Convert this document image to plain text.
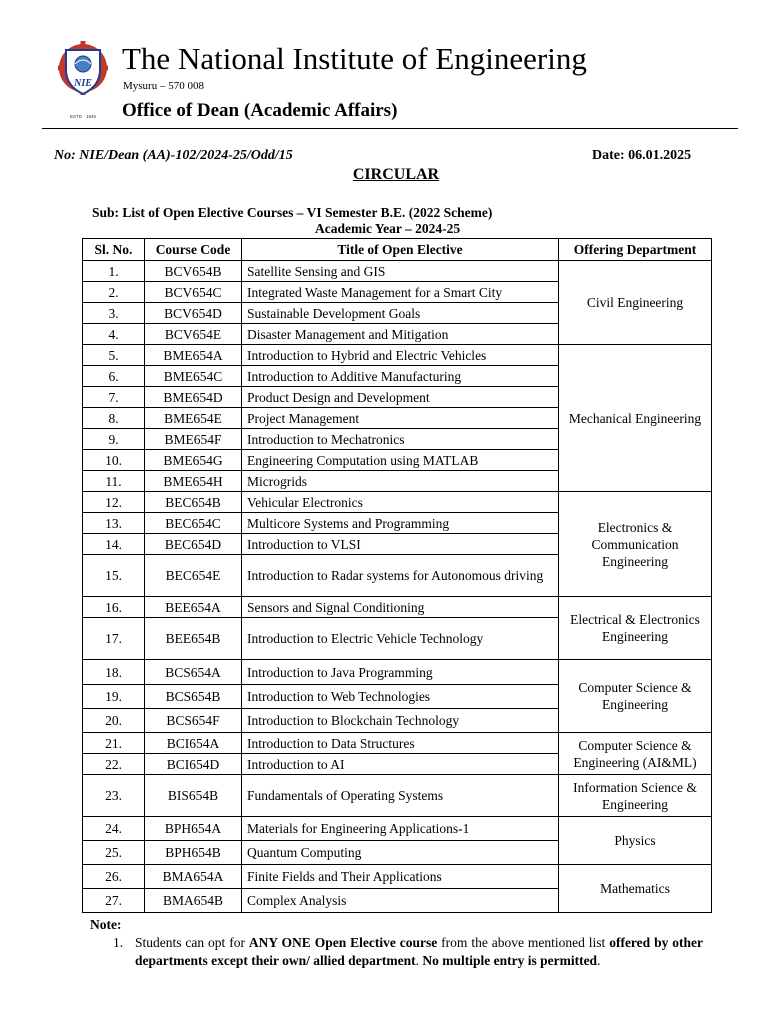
NIE
ESTD · 1946
The National Institute of Engineering
Mysuru – 570 008
Office of Dean (Academic Affairs)
No: NIE/Dean (AA)-102/2024-25/Odd/15	Date: 06.01.2025
CIRCULAR
Sub: List of Open Elective Courses – VI Semester B.E. (2022 Scheme)
Academic Year – 2024-25
Sl. No.	Course Code	Title of Open Elective	Offering Department
1.	BCV654B	Satellite Sensing and GIS	Civil Engineering
2.	BCV654C	Integrated Waste Management for a Smart City	
3.	BCV654D	Sustainable Development Goals	
4.	BCV654E	Disaster Management and Mitigation	
5.	BME654A	Introduction to Hybrid and Electric Vehicles	Mechanical Engineering
6.	BME654C	Introduction to Additive Manufacturing	
7.	BME654D	Product Design and Development	
8.	BME654E	Project Management	
9.	BME654F	Introduction to Mechatronics	
10.	BME654G	Engineering Computation using MATLAB	
11.	BME654H	Microgrids	
12.	BEC654B	Vehicular Electronics	Electronics & Communication Engineering
13.	BEC654C	Multicore Systems and Programming	
14.	BEC654D	Introduction to VLSI	
15.	BEC654E	Introduction to Radar systems for Autonomous driving	
16.	BEE654A	Sensors and Signal Conditioning	Electrical & Electronics Engineering
17.	BEE654B	Introduction to Electric Vehicle Technology	
18.	BCS654A	Introduction to Java Programming	Computer Science & Engineering
19.	BCS654B	Introduction to Web Technologies	
20.	BCS654F	Introduction to Blockchain Technology	
21.	BCI654A	Introduction to Data Structures	Computer Science & Engineering (AI&ML)
22.	BCI654D	Introduction to AI	
23.	BIS654B	Fundamentals of Operating Systems	Information Science & Engineering
24.	BPH654A	Materials for Engineering Applications-1	Physics
25.	BPH654B	Quantum Computing	
26.	BMA654A	Finite Fields and Their Applications	Mathematics
27.	BMA654B	Complex Analysis	
Note:
1. Students can opt for ANY ONE Open Elective course from the above mentioned list offered by other departments except their own/ allied department. No multiple entry is permitted.
